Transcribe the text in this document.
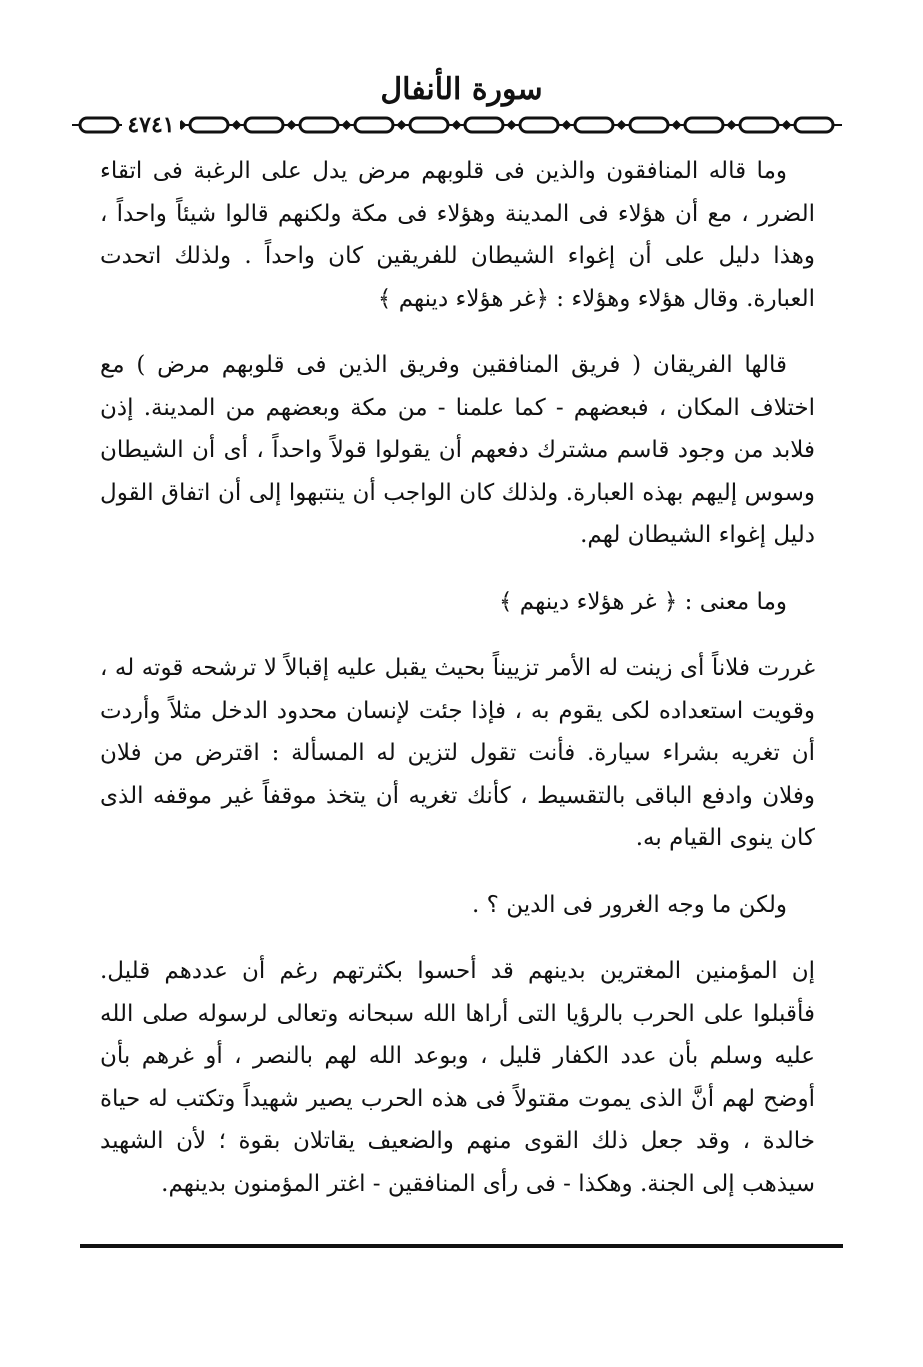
سورة الأنفال
٤٧٤١

وما قاله المنافقون والذين فى قلوبهم مرض يدل على الرغبة فى اتقاء الضرر ، مع أن هؤلاء فى المدينة وهؤلاء فى مكة ولكنهم قالوا شيئاً واحداً ، وهذا دليل على أن إغواء الشيطان للفريقين كان واحداً . ولذلك اتحدت العبارة. وقال هؤلاء وهؤلاء : ﴿غر هؤلاء دينهم ﴾

قالها الفريقان ( فريق المنافقين وفريق الذين فى قلوبهم مرض ) مع اختلاف المكان ، فبعضهم - كما علمنا - من مكة وبعضهم من المدينة. إذن فلابد من وجود قاسم مشترك دفعهم أن يقولوا قولاً واحداً ، أى أن الشيطان وسوس إليهم بهذه العبارة. ولذلك كان الواجب أن ينتبهوا إلى أن اتفاق القول دليل إغواء الشيطان لهم.

وما معنى : ﴿ غر هؤلاء دينهم ﴾

غررت فلاناً أى زينت له الأمر تزييناً بحيث يقبل عليه إقبالاً لا ترشحه قوته له ، وقويت استعداده لكى يقوم به ، فإذا جئت لإنسان محدود الدخل مثلاً وأردت أن تغريه بشراء سيارة. فأنت تقول لتزين له المسألة : اقترض من فلان وفلان وادفع الباقى بالتقسيط ، كأنك تغريه أن يتخذ موقفاً غير موقفه الذى كان ينوى القيام به.

ولكن ما وجه الغرور فى الدين ؟ .

إن المؤمنين المغترين بدينهم قد أحسوا بكثرتهم رغم أن عددهم قليل. فأقبلوا على الحرب بالرؤيا التى أراها الله سبحانه وتعالى لرسوله صلى الله عليه وسلم بأن عدد الكفار قليل ، وبوعد الله لهم بالنصر ، أو غرهم بأن أوضح لهم أنَّ الذى يموت مقتولاً فى هذه الحرب يصير شهيداً وتكتب له حياة خالدة ، وقد جعل ذلك القوى منهم والضعيف يقاتلان بقوة ؛ لأن الشهيد سيذهب إلى الجنة. وهكذا - فى رأى المنافقين - اغتر المؤمنون بدينهم.
